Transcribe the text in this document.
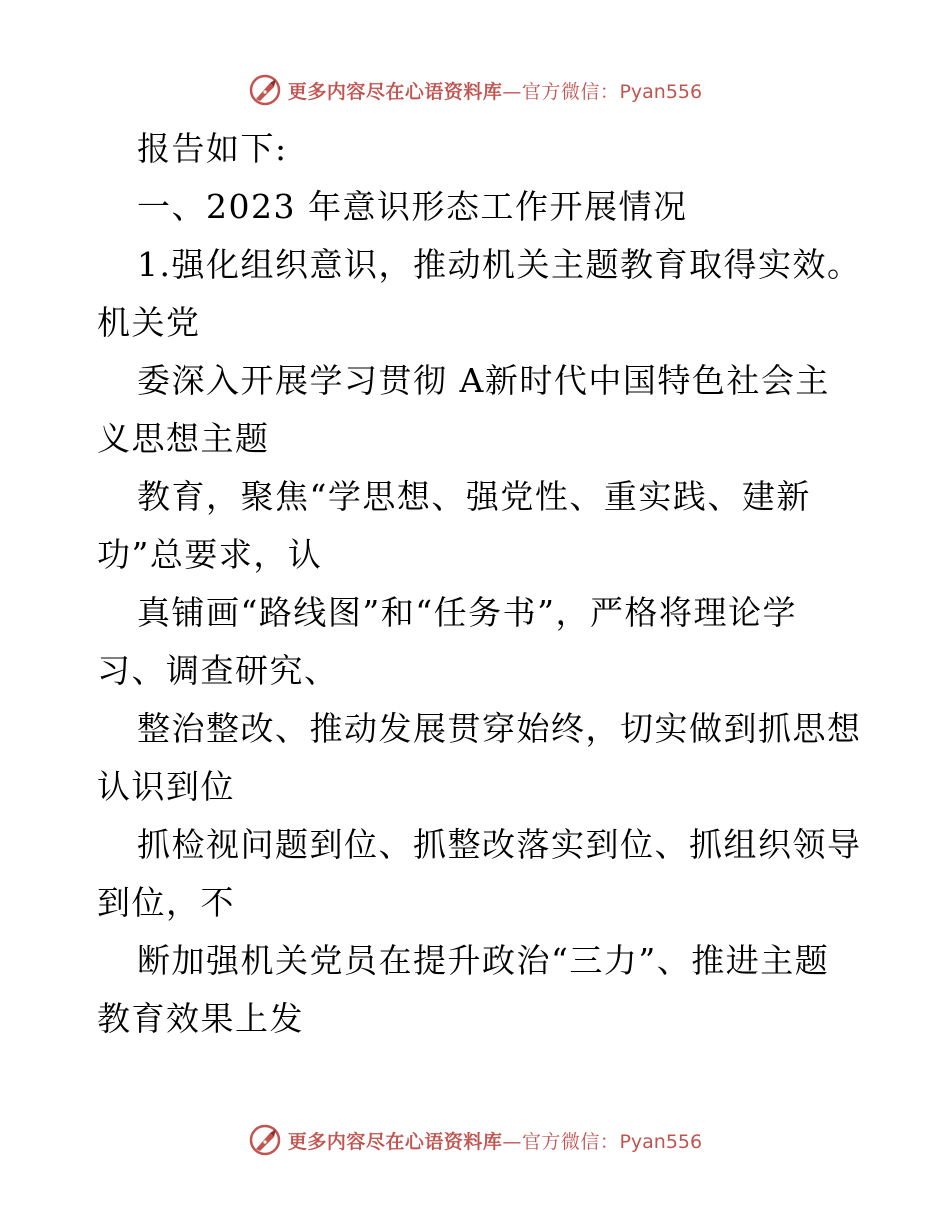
更多内容尽在心语资料库—官方微信：Pyan556
报告如下:
一、2023 年意识形态工作开展情况
1.强化组织意识，推动机关主题教育取得实效。
机关党
委深入开展学习贯彻 A新时代中国特色社会主
义思想主题
教育，聚焦“学思想、强党性、重实践、建新
功”总要求，认
真铺画“路线图”和“任务书”，严格将理论学
习、调查研究、
整治整改、推动发展贯穿始终，切实做到抓思想
认识到位
抓检视问题到位、抓整改落实到位、抓组织领导
到位，不
断加强机关党员在提升政治“三力”、推进主题
教育效果上发
更多内容尽在心语资料库—官方微信：Pyan556
